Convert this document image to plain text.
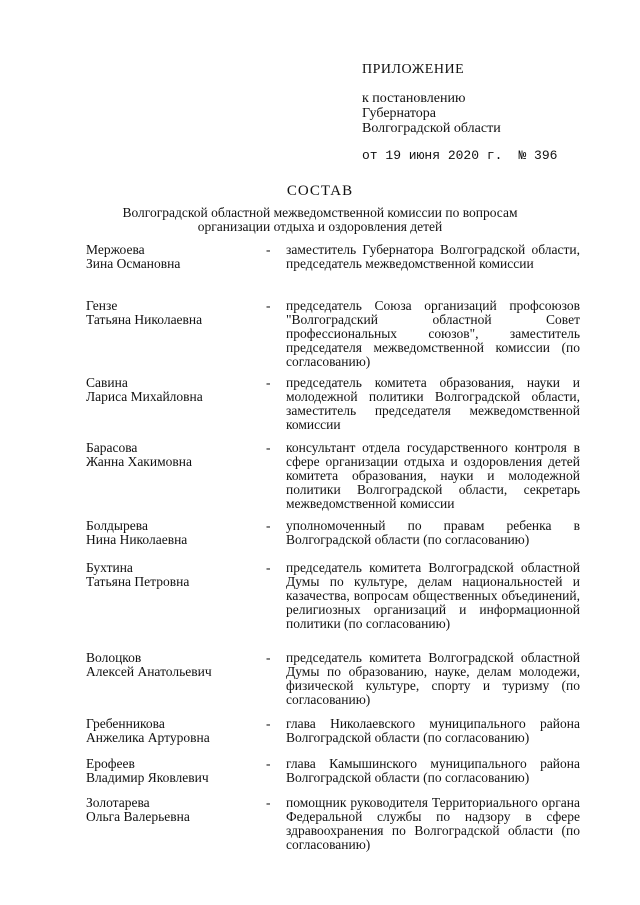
ПРИЛОЖЕНИЕ
к постановлению
Губернатора
Волгоградской области
от 19 июня 2020 г. № 396
СОСТАВ
Волгоградской областной межведомственной комиссии по вопросам организации отдыха и оздоровления детей
Мержоева
Зина Османовна
- заместитель Губернатора Волгоградской области, председатель межведомственной комиссии
Гензе
Татьяна Николаевна
- председатель Союза организаций профсоюзов "Волгоградский областной Совет профессиональных союзов", заместитель председателя межведомственной комиссии (по согласованию)
Савина
Лариса Михайловна
- председатель комитета образования, науки и молодежной политики Волгоградской области, заместитель председателя межведомственной комиссии
Барасова
Жанна Хакимовна
- консультант отдела государственного контроля в сфере организации отдыха и оздоровления детей комитета образования, науки и молодежной политики Волгоградской области, секретарь межведомственной комиссии
Болдырева
Нина Николаевна
- уполномоченный по правам ребенка в Волгоградской области (по согласованию)
Бухтина
Татьяна Петровна
- председатель комитета Волгоградской областной Думы по культуре, делам национальностей и казачества, вопросам общественных объединений, религиозных организаций и информационной политики (по согласованию)
Волоцков
Алексей Анатольевич
- председатель комитета Волгоградской областной Думы по образованию, науке, делам молодежи, физической культуре, спорту и туризму (по согласованию)
Гребенникова
Анжелика Артуровна
- глава Николаевского муниципального района Волгоградской области (по согласованию)
Ерофеев
Владимир Яковлевич
- глава Камышинского муниципального района Волгоградской области (по согласованию)
Золотарева
Ольга Валерьевна
- помощник руководителя Территориального органа Федеральной службы по надзору в сфере здравоохранения по Волгоградской области (по согласованию)
